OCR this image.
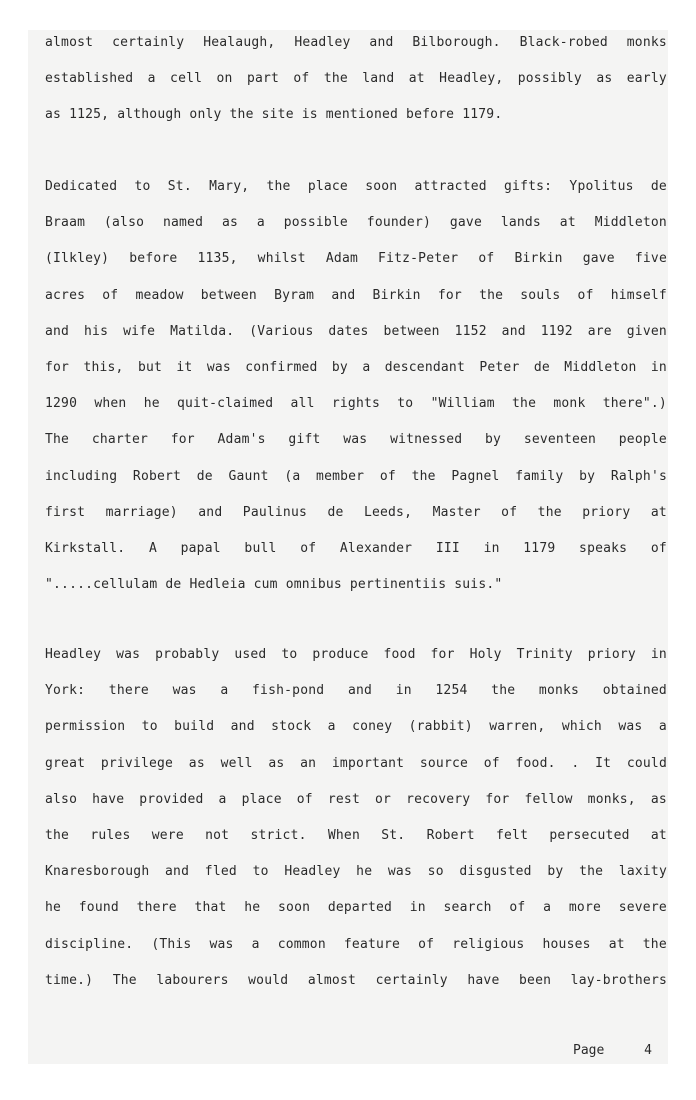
almost certainly Healaugh, Headley and Bilborough. Black-robed monks
established a cell on part of the land at Headley, possibly as early
as 1125, although only the site is mentioned before 1179.
Dedicated to St. Mary, the place soon attracted gifts: Ypolitus de
Braam (also named as a possible founder) gave lands at Middleton
(Ilkley) before 1135, whilst Adam Fitz-Peter of Birkin gave five
acres of meadow between Byram and Birkin for the souls of himself
and his wife Matilda. (Various dates between 1152 and 1192 are given
for this, but it was confirmed by a descendant Peter de Middleton in
1290 when he quit-claimed all rights to "William the monk there".)
The charter for Adam's gift was witnessed by seventeen people
including Robert de Gaunt (a member of the Pagnel family by Ralph's
first marriage) and Paulinus de Leeds, Master of the priory at
Kirkstall. A papal bull of Alexander III in 1179 speaks of
".....cellulam de Hedleia cum omnibus pertinentiis suis."
Headley was probably used to produce food for Holy Trinity priory in
York: there was a fish-pond and in 1254 the monks obtained
permission to build and stock a coney (rabbit) warren, which was a
great privilege as well as an important source of food. . It could
also have provided a place of rest or recovery for fellow monks, as
the rules were not strict. When St. Robert felt persecuted at
Knaresborough and fled to Headley he was so disgusted by the laxity
he found there that he soon departed in search of a more severe
discipline. (This was a common feature of religious houses at the
time.) The labourers would almost certainly have been lay-brothers
Page	4
